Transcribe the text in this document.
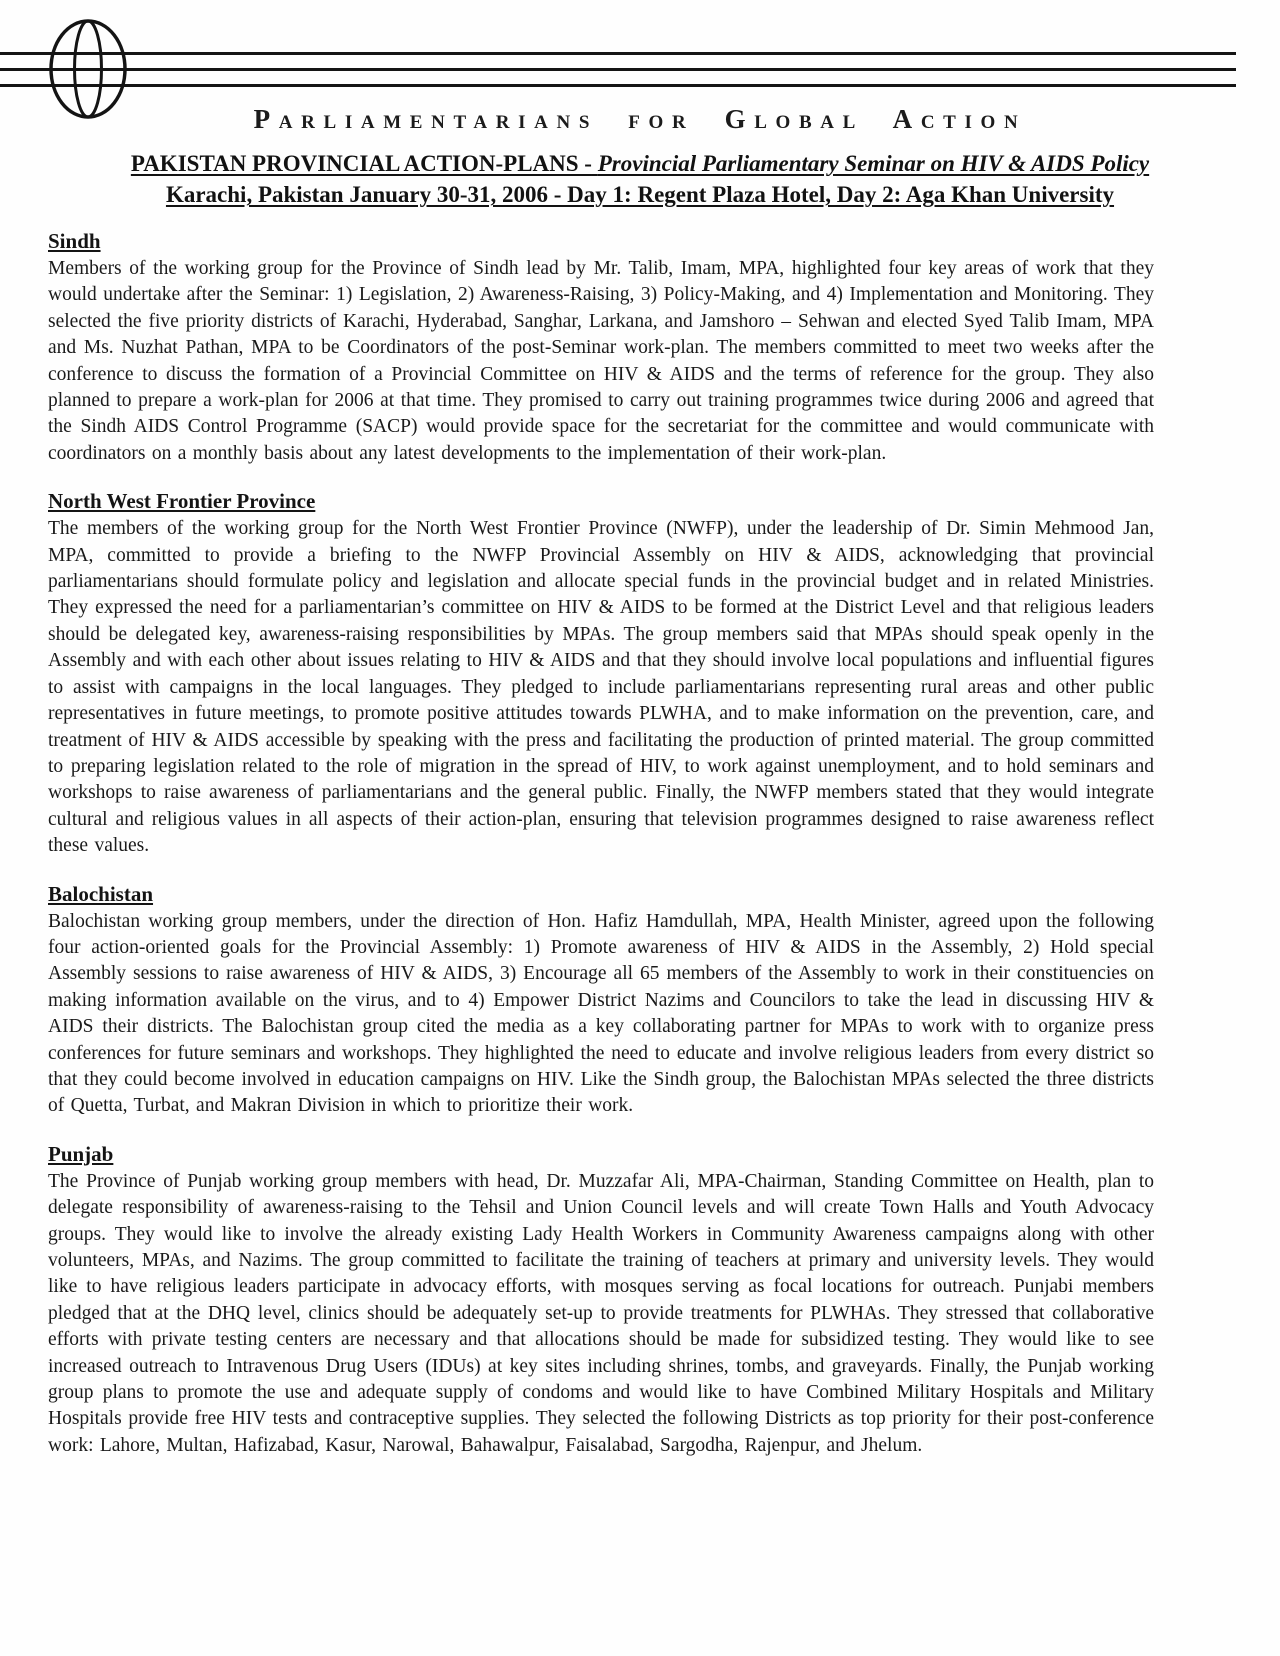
Parliamentarians for Global Action
PAKISTAN PROVINCIAL ACTION-PLANS - Provincial Parliamentary Seminar on HIV & AIDS Policy
Karachi, Pakistan January 30-31, 2006 - Day 1: Regent Plaza Hotel, Day 2: Aga Khan University
Sindh

Members of the working group for the Province of Sindh lead by Mr. Talib, Imam, MPA, highlighted four key areas of work that they would undertake after the Seminar: 1) Legislation, 2) Awareness-Raising, 3) Policy-Making, and 4) Implementation and Monitoring. They selected the five priority districts of Karachi, Hyderabad, Sanghar, Larkana, and Jamshoro – Sehwan and elected Syed Talib Imam, MPA and Ms. Nuzhat Pathan, MPA to be Coordinators of the post-Seminar work-plan. The members committed to meet two weeks after the conference to discuss the formation of a Provincial Committee on HIV & AIDS and the terms of reference for the group. They also planned to prepare a work-plan for 2006 at that time. They promised to carry out training programmes twice during 2006 and agreed that the Sindh AIDS Control Programme (SACP) would provide space for the secretariat for the committee and would communicate with coordinators on a monthly basis about any latest developments to the implementation of their work-plan.

North West Frontier Province

The members of the working group for the North West Frontier Province (NWFP), under the leadership of Dr. Simin Mehmood Jan, MPA, committed to provide a briefing to the NWFP Provincial Assembly on HIV & AIDS, acknowledging that provincial parliamentarians should formulate policy and legislation and allocate special funds in the provincial budget and in related Ministries. They expressed the need for a parliamentarian’s committee on HIV & AIDS to be formed at the District Level and that religious leaders should be delegated key, awareness-raising responsibilities by MPAs. The group members said that MPAs should speak openly in the Assembly and with each other about issues relating to HIV & AIDS and that they should involve local populations and influential figures to assist with campaigns in the local languages. They pledged to include parliamentarians representing rural areas and other public representatives in future meetings, to promote positive attitudes towards PLWHA, and to make information on the prevention, care, and treatment of HIV & AIDS accessible by speaking with the press and facilitating the production of printed material. The group committed to preparing legislation related to the role of migration in the spread of HIV, to work against unemployment, and to hold seminars and workshops to raise awareness of parliamentarians and the general public. Finally, the NWFP members stated that they would integrate cultural and religious values in all aspects of their action-plan, ensuring that television programmes designed to raise awareness reflect these values.

Balochistan

Balochistan working group members, under the direction of Hon. Hafiz Hamdullah, MPA, Health Minister, agreed upon the following four action-oriented goals for the Provincial Assembly: 1) Promote awareness of HIV & AIDS in the Assembly, 2) Hold special Assembly sessions to raise awareness of HIV & AIDS, 3) Encourage all 65 members of the Assembly to work in their constituencies on making information available on the virus, and to 4) Empower District Nazims and Councilors to take the lead in discussing HIV & AIDS their districts. The Balochistan group cited the media as a key collaborating partner for MPAs to work with to organize press conferences for future seminars and workshops. They highlighted the need to educate and involve religious leaders from every district so that they could become involved in education campaigns on HIV. Like the Sindh group, the Balochistan MPAs selected the three districts of Quetta, Turbat, and Makran Division in which to prioritize their work.

Punjab

The Province of Punjab working group members with head, Dr. Muzzafar Ali, MPA-Chairman, Standing Committee on Health, plan to delegate responsibility of awareness-raising to the Tehsil and Union Council levels and will create Town Halls and Youth Advocacy groups. They would like to involve the already existing Lady Health Workers in Community Awareness campaigns along with other volunteers, MPAs, and Nazims. The group committed to facilitate the training of teachers at primary and university levels. They would like to have religious leaders participate in advocacy efforts, with mosques serving as focal locations for outreach. Punjabi members pledged that at the DHQ level, clinics should be adequately set-up to provide treatments for PLWHAs. They stressed that collaborative efforts with private testing centers are necessary and that allocations should be made for subsidized testing. They would like to see increased outreach to Intravenous Drug Users (IDUs) at key sites including shrines, tombs, and graveyards. Finally, the Punjab working group plans to promote the use and adequate supply of condoms and would like to have Combined Military Hospitals and Military Hospitals provide free HIV tests and contraceptive supplies. They selected the following Districts as top priority for their post-conference work: Lahore, Multan, Hafizabad, Kasur, Narowal, Bahawalpur, Faisalabad, Sargodha, Rajenpur, and Jhelum.
